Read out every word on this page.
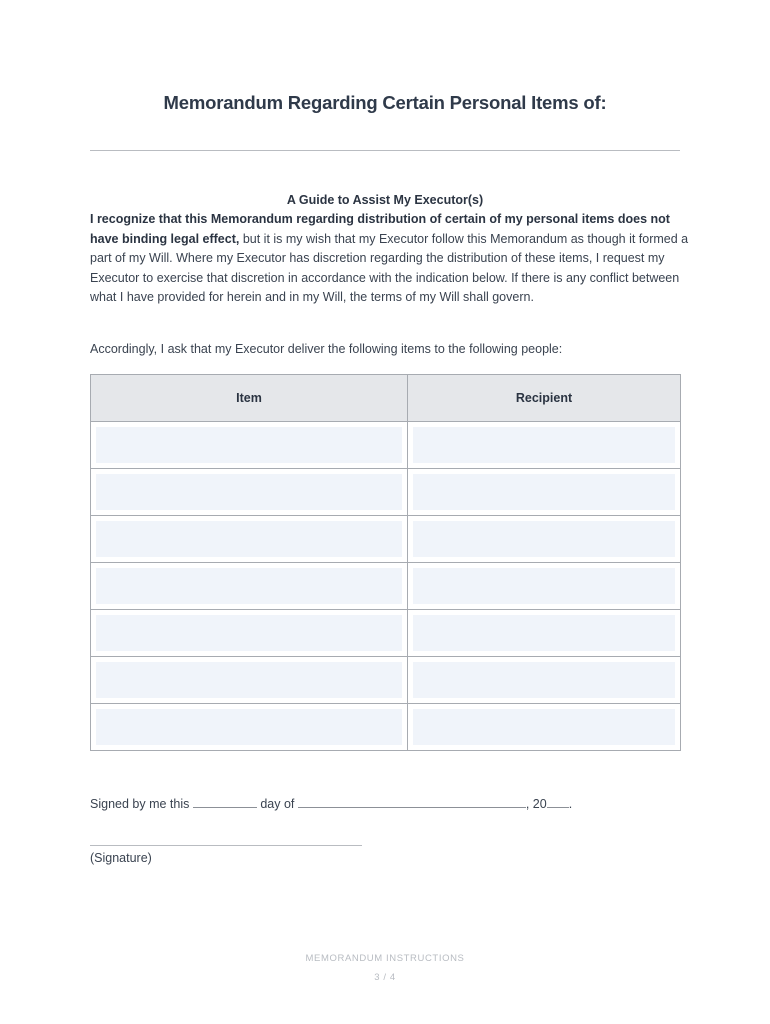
Memorandum Regarding Certain Personal Items of:
A Guide to Assist My Executor(s)

I recognize that this Memorandum regarding distribution of certain of my personal items does not have binding legal effect, but it is my wish that my Executor follow this Memorandum as though it formed a part of my Will. Where my Executor has discretion regarding the distribution of these items, I request my Executor to exercise that discretion in accordance with the indication below. If there is any conflict between what I have provided for herein and in my Will, the terms of my Will shall govern.

Accordingly, I ask that my Executor deliver the following items to the following people:

Item	Recipient

Signed by me this	day of	, 20 .
(Signature)
MEMORANDUM INSTRUCTIONS
3 / 4
